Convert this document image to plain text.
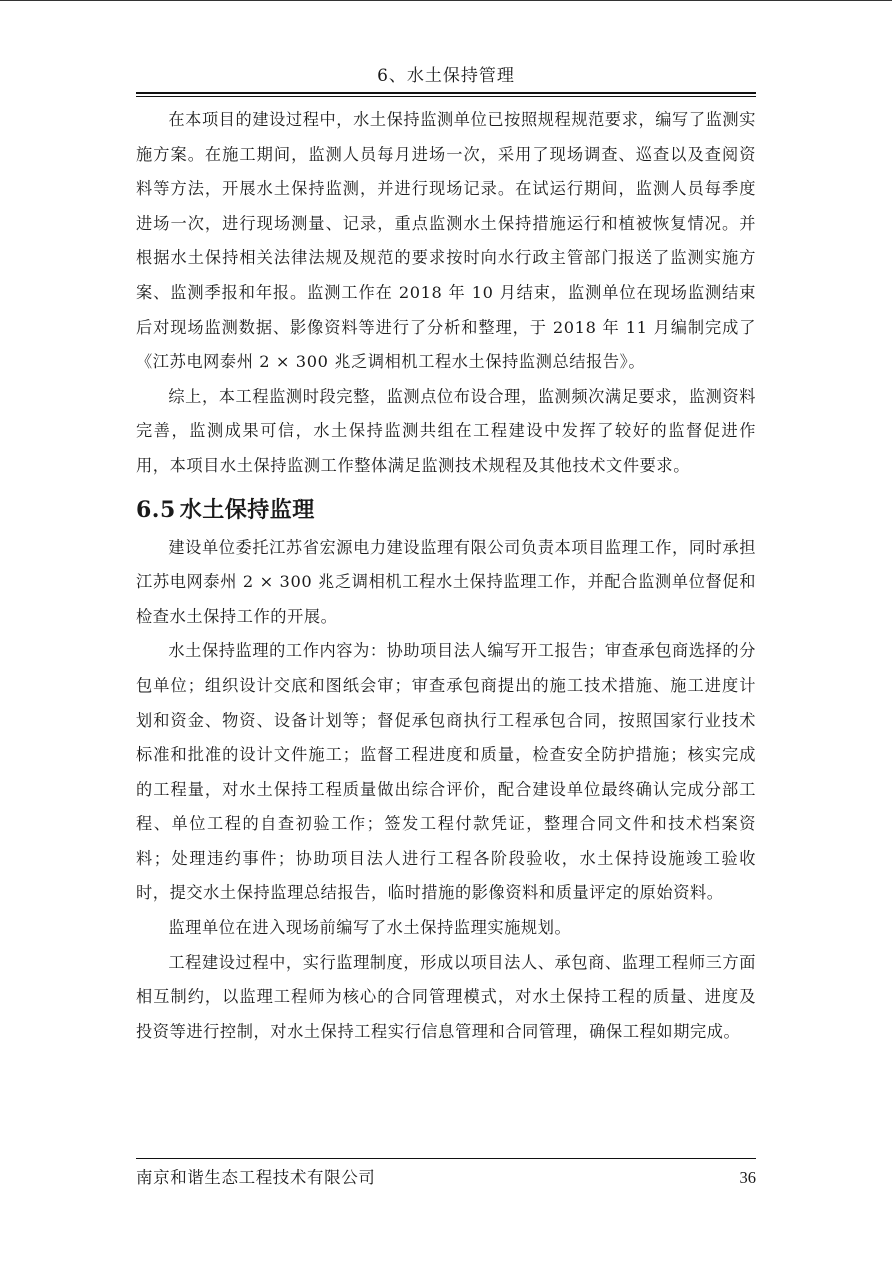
6、水土保持管理

在本项目的建设过程中，水土保持监测单位已按照规程规范要求，编写了监测实施方案。在施工期间，监测人员每月进场一次，采用了现场调查、巡查以及查阅资料等方法，开展水土保持监测，并进行现场记录。在试运行期间，监测人员每季度进场一次，进行现场测量、记录，重点监测水土保持措施运行和植被恢复情况。并根据水土保持相关法律法规及规范的要求按时向水行政主管部门报送了监测实施方案、监测季报和年报。监测工作在 2018 年 10 月结束，监测单位在现场监测结束后对现场监测数据、影像资料等进行了分析和整理，于 2018 年 11 月编制完成了《江苏电网泰州 2 × 300 兆乏调相机工程水土保持监测总结报告》。

综上，本工程监测时段完整，监测点位布设合理，监测频次满足要求，监测资料完善，监测成果可信，水土保持监测共组在工程建设中发挥了较好的监督促进作用，本项目水土保持监测工作整体满足监测技术规程及其他技术文件要求。

6.5 水土保持监理

建设单位委托江苏省宏源电力建设监理有限公司负责本项目监理工作，同时承担江苏电网泰州 2 × 300 兆乏调相机工程水土保持监理工作，并配合监测单位督促和检查水土保持工作的开展。

水土保持监理的工作内容为：协助项目法人编写开工报告；审查承包商选择的分包单位；组织设计交底和图纸会审；审查承包商提出的施工技术措施、施工进度计划和资金、物资、设备计划等；督促承包商执行工程承包合同，按照国家行业技术标准和批准的设计文件施工；监督工程进度和质量，检查安全防护措施；核实完成的工程量，对水土保持工程质量做出综合评价，配合建设单位最终确认完成分部工程、单位工程的自查初验工作；签发工程付款凭证，整理合同文件和技术档案资料；处理违约事件；协助项目法人进行工程各阶段验收，水土保持设施竣工验收时，提交水土保持监理总结报告，临时措施的影像资料和质量评定的原始资料。

监理单位在进入现场前编写了水土保持监理实施规划。

工程建设过程中，实行监理制度，形成以项目法人、承包商、监理工程师三方面相互制约，以监理工程师为核心的合同管理模式，对水土保持工程的质量、进度及投资等进行控制，对水土保持工程实行信息管理和合同管理，确保工程如期完成。

南京和谐生态工程技术有限公司	36
